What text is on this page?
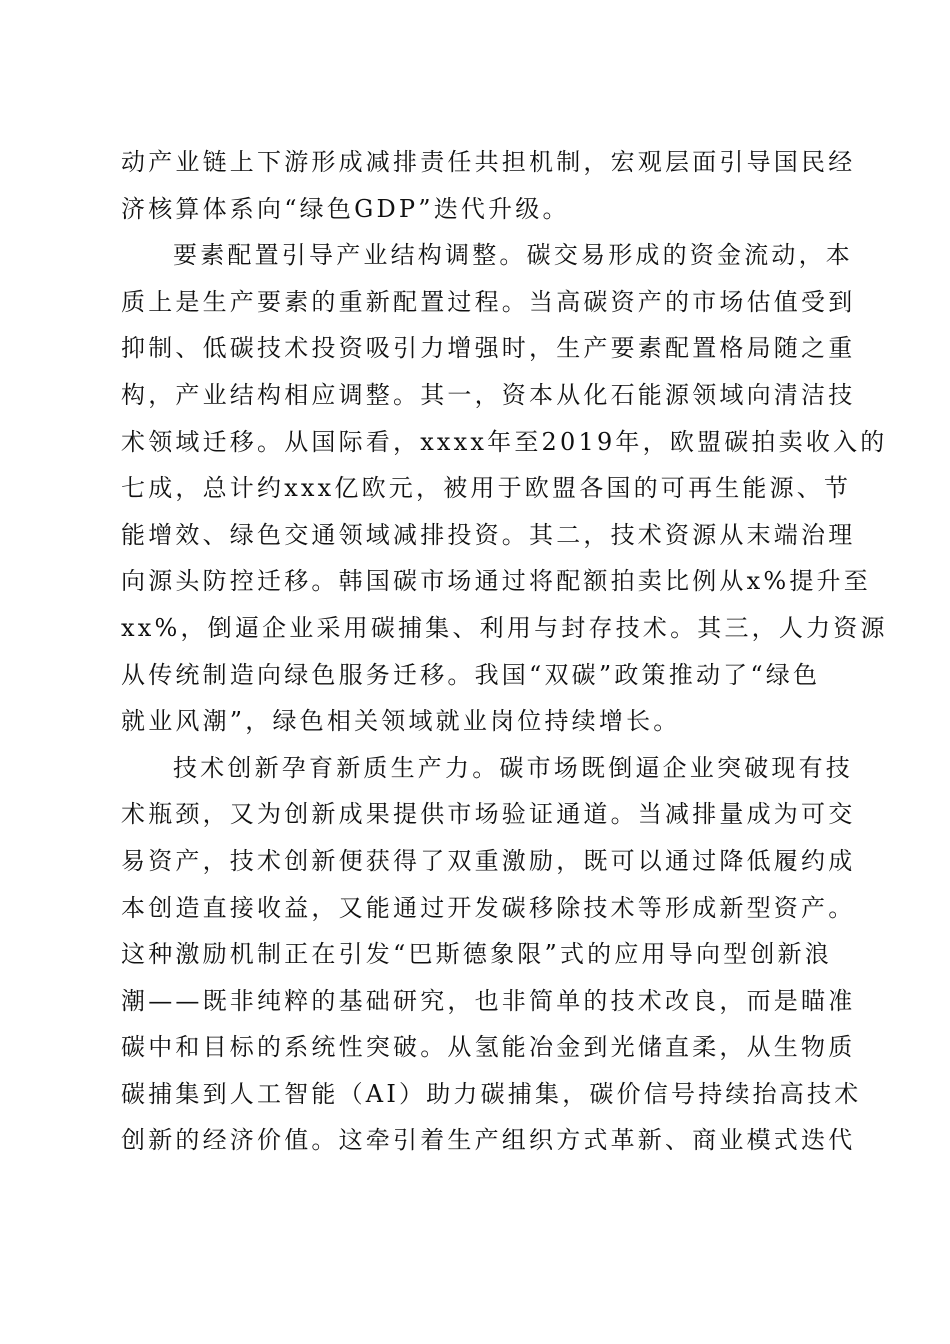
动产业链上下游形成减排责任共担机制，宏观层面引导国民经
济核算体系向“绿色GDP”迭代升级。
要素配置引导产业结构调整。碳交易形成的资金流动，本
质上是生产要素的重新配置过程。当高碳资产的市场估值受到
抑制、低碳技术投资吸引力增强时，生产要素配置格局随之重
构，产业结构相应调整。其一，资本从化石能源领域向清洁技
术领域迁移。从国际看，xxxx年至2019年，欧盟碳拍卖收入的
七成，总计约xxx亿欧元，被用于欧盟各国的可再生能源、节
能增效、绿色交通领域减排投资。其二，技术资源从末端治理
向源头防控迁移。韩国碳市场通过将配额拍卖比例从x%提升至
xx%，倒逼企业采用碳捕集、利用与封存技术。其三，人力资源
从传统制造向绿色服务迁移。我国“双碳”政策推动了“绿色
就业风潮”，绿色相关领域就业岗位持续增长。
技术创新孕育新质生产力。碳市场既倒逼企业突破现有技
术瓶颈，又为创新成果提供市场验证通道。当减排量成为可交
易资产，技术创新便获得了双重激励，既可以通过降低履约成
本创造直接收益，又能通过开发碳移除技术等形成新型资产。
这种激励机制正在引发“巴斯德象限”式的应用导向型创新浪
潮——既非纯粹的基础研究，也非简单的技术改良，而是瞄准
碳中和目标的系统性突破。从氢能冶金到光储直柔，从生物质
碳捕集到人工智能（AI）助力碳捕集，碳价信号持续抬高技术
创新的经济价值。这牵引着生产组织方式革新、商业模式迭代
